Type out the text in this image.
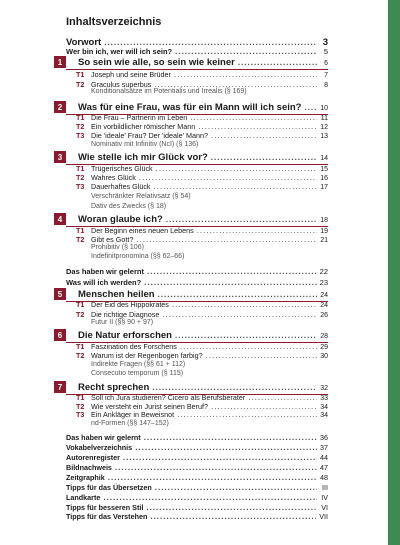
Inhaltsverzeichnis
Vorwort .....	3
Wer bin ich, wer will ich sein? .....	5
1	So sein wie alle, so sein wie keiner .....	6
T1 Joseph und seine Brüder .....	7
T2 Graculus superbus .....	8
Konditionalsätze im Potentialis und Irrealis (§ 169)
2	Was für eine Frau, was für ein Mann will ich sein? .....	10
T1 Die Frau – Partnerin im Leben .....	11
T2 Ein vorbildlicher römischer Mann .....	12
T3 Die 'ideale' Frau? Der 'ideale' Mann? .....	13
Nominativ mit Infinitiv (NcI) (§ 136)
3	Wie stelle ich mir Glück vor? .....	14
T1 Trügerisches Glück .....	15
T2 Wahres Glück .....	16
T3 Dauerhaftes Glück .....	17
Verschränkter Relativsatz (§ 54)
Dativ des Zwecks (§ 18)
4	Woran glaube ich? .....	18
T1 Der Beginn eines neuen Lebens .....	19
T2 Gibt es Gott? .....	21
Prohibitiv (§ 106)
Indefinitpronomina (§§ 62–66)
Das haben wir gelernt .....	22
Was will ich werden? .....	23
5	Menschen heilen .....	24
T1 Der Eid des Hippokrates .....	24
T2 Die richtige Diagnose .....	26
Futur II (§§ 90 + 97)
6	Die Natur erforschen .....	28
T1 Faszination des Forschens .....	29
T2 Warum ist der Regenbogen farbig? .....	30
Indirekte Fragen (§§ 61 + 112)
Consecutio temporum (§ 115)
7	Recht sprechen .....	32
T1 Soll ich Jura studieren? Cicero als Berufsberater .....	33
T2 Wie versteht ein Jurist seinen Beruf? .....	34
T3 Ein Ankläger in Beweisnot .....	34
nd-Formen (§§ 147–152)
Das haben wir gelernt .....	36
Vokabelverzeichnis .....	37
Autorenregister .....	44
Bildnachweis .....	47
Zeitgraphik .....	48
Tipps für das Übersetzen .....	III
Landkarte .....	IV
Tipps für besseren Stil .....	VI
Tipps für das Verstehen .....	VII
